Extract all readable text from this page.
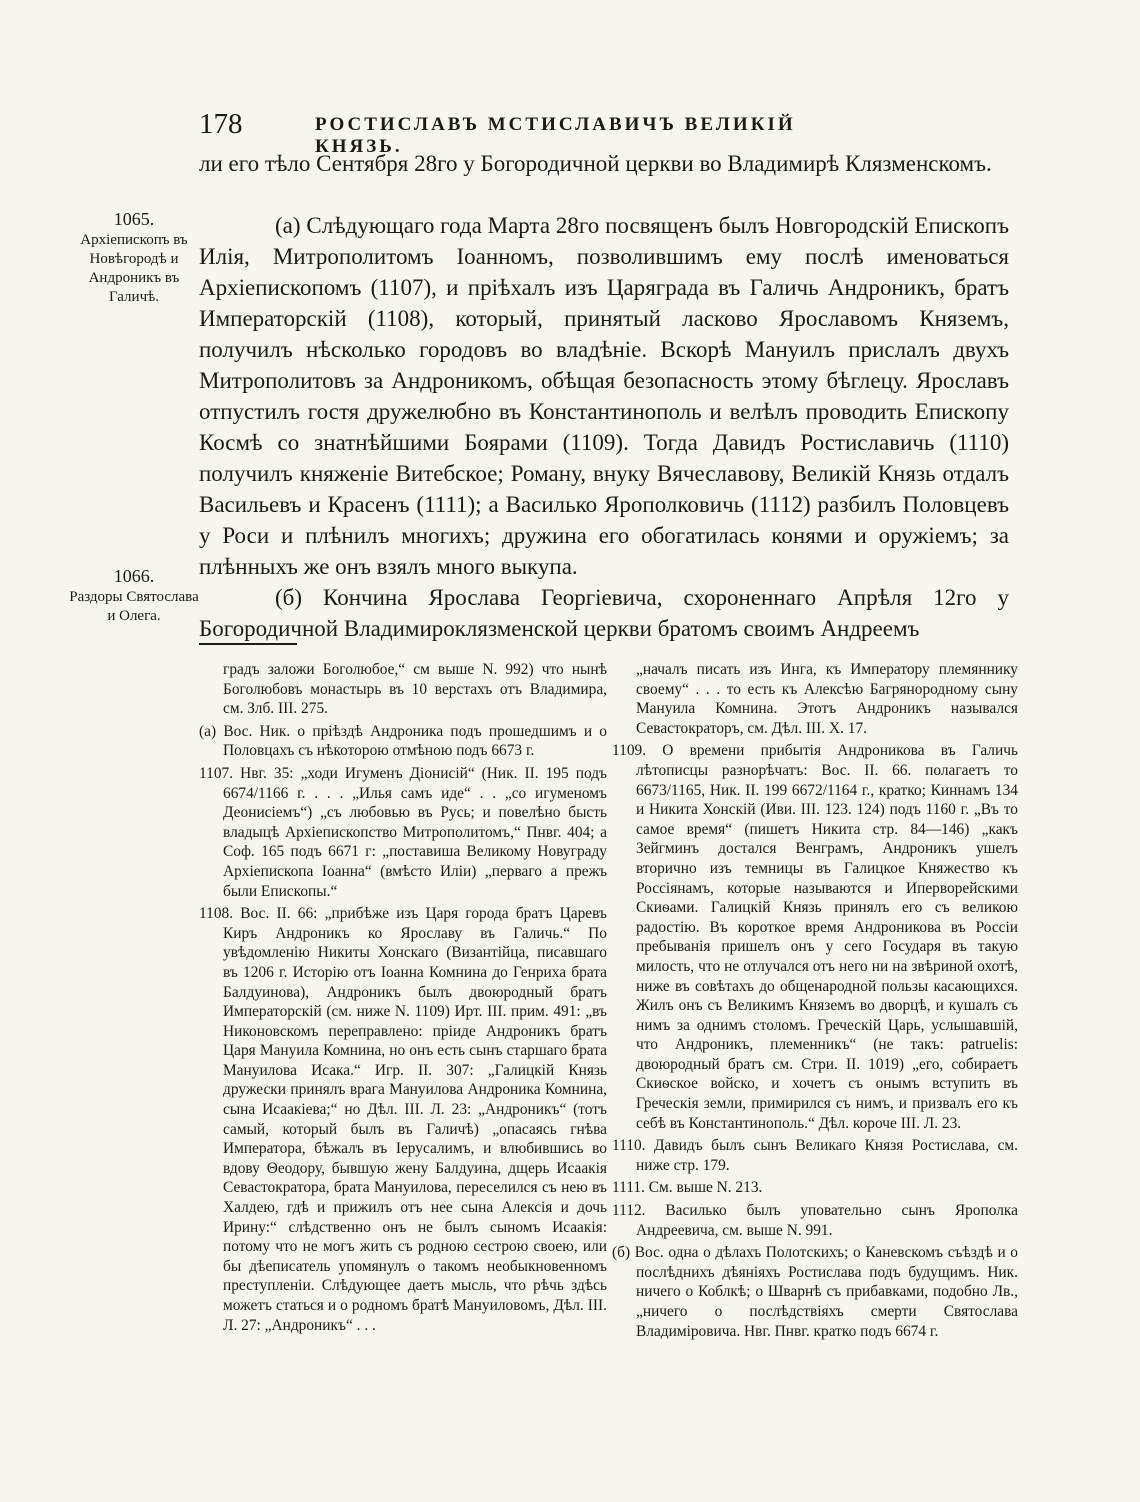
178	РОСТИСЛАВЪ МСТИСЛАВИЧЪ ВЕЛИКІЙ КНЯЗЬ.

ли его тѣло Сентября 28го у Богородичной церкви во Владимирѣ Клязменскомъ.

(а) Слѣдующаго года Марта 28го посвященъ былъ Новгородскій Епископъ Илія, Митрополитомъ Іоанномъ, позволившимъ ему послѣ именоваться Архіепископомъ (1107), и пріѣхалъ изъ Царяграда въ Галичь Андроникъ, братъ Императорскій (1108), который, принятый ласково Ярославомъ Княземъ, получилъ нѣсколько городовъ во владѣніе. Вскорѣ Мануилъ прислалъ двухъ Митрополитовъ за Андроникомъ, обѣщая безопасность этому бѣглецу. Ярославъ отпустилъ гостя дружелюбно въ Константинополь и велѣлъ проводить Епископу Космѣ со знатнѣйшими Боярами (1109). Тогда Давидъ Ростиславичь (1110) получилъ княженіе Витебское; Роману, внуку Вячеславову, Великій Князь отдалъ Васильевъ и Красенъ (1111); а Василько Ярополковичь (1112) разбилъ Половцевъ у Роси и плѣнилъ многихъ; дружина его обогатилась конями и оружіемъ; за плѣнныхъ же онъ взялъ много выкупа.

(б) Кончина Ярослава Георгіевича, схороненнаго Апрѣля 12го у Богородичной Владимироклязменской церкви братомъ своимъ Андреемъ

1065.
Архіепископъ въ Новѣгородѣ и Андроникъ въ Галичѣ.
1066.
Раздоры Святослава и Олега.

градъ заложи Боголюбое,“ см выше N. 992) что нынѣ Боголюбовъ монастырь въ 10 верстахъ отъ Владимира, см. Злб. III. 275.

(а) Вос. Ник. о пріѣздѣ Андроника подъ прошедшимъ и о Половцахъ съ нѣкоторою отмѣною подъ 6673 г.

1107. Нвг. 35: „ходи Игуменъ Діонисій“ (Ник. II. 195 подъ 6674/1166 г. . . . „Илья самъ иде“ . . „со игуменомъ Деонисіемъ“) „съ любовью въ Русь; и повелѣно бысть владыцѣ Архіепископство Митрополитомъ,“ Пнвг. 404; а Соф. 165 подъ 6671 г: „поставиша Великому Новуграду Архіепископа Іоанна“ (вмѣсто Иліи) „перваго а прежъ были Епископы.“

1108. Вос. II. 66: „прибѣже изъ Царя города братъ Царевъ Киръ Андроникъ ко Ярославу въ Галичь.“ По увѣдомленію Никиты Хонскаго (Византійца, писавшаго въ 1206 г. Исторію отъ Іоанна Комнина до Генриха брата Балдуинова), Андроникъ былъ двоюродный братъ Императорскій (см. ниже N. 1109) Ирт. III. прим. 491: „въ Никоновскомъ переправлено: прiиде Андроникъ братъ Царя Мануила Комнина, но онъ есть сынъ старшаго брата Мануилова Исака.“ Игр. II. 307: „Галицкій Князь дружески принялъ врага Мануилова Андроника Комнина, сына Исаакіева;“ но Дѣл. III. Л. 23: „Андроникъ“ (тотъ самый, который былъ въ Галичѣ) „опасаясь гнѣва Императора, бѣжалъ въ Іерусалимъ, и влюбившись во вдову Θеодору, бывшую жену Балдуина, дщерь Исаакія Севастократора, брата Мануилова, переселился съ нею въ Халдею, гдѣ и прижилъ отъ нее сына Алексія и дочь Ирину:“ слѣдственно онъ не былъ сыномъ Исаакія: потому что не могъ жить съ родною сестрою своею, или бы дѣеписатель упомянулъ о такомъ необыкновенномъ преступленіи. Слѣдующее даетъ мысль, что рѣчь здѣсь можетъ статься и о родномъ братѣ Мануиловомъ, Дѣл. III. Л. 27: „Андроникъ“ . . .

„началъ писать изъ Инга, къ Императору племяннику своему“ . . . то есть къ Алексѣю Багрянородному сыну Мануила Комнина. Этотъ Андроникъ назывался Севастократоръ, см. Дѣл. III. X. 17.

1109. О времени прибытія Андроникова въ Галичь лѣтописцы разнорѣчатъ: Вос. II. 66. полагаетъ то 6673/1165, Ник. II. 199 6672/1164 г., кратко; Киннамъ 134 и Никита Хонскій (Иви. III. 123. 124) подъ 1160 г. „Въ то самое время“ (пишетъ Никита стр. 84—146) „какъ Зейгминъ достался Венграмъ, Андроникъ ушелъ вторично изъ темницы въ Галицкое Княжество къ Россіянамъ, которые называются и Иперворейскими Скиѳами. Галицкій Князь принялъ его съ великою радостію. Въ короткое время Андроникова въ Россіи пребыванія пришелъ онъ у сего Государя въ такую милость, что не отлучался отъ него ни на звѣриной охотѣ, ниже въ совѣтахъ до общенародной пользы касающихся. Жилъ онъ съ Великимъ Княземъ во дворцѣ, и кушалъ съ нимъ за однимъ столомъ. Греческій Царь, услышавшій, что Андроникъ, племенникъ“ (не такъ: patruelis: двоюродный братъ см. Стри. II. 1019) „его, собираетъ Скиѳское войско, и хочетъ съ онымъ вступить въ Греческія земли, примирился съ нимъ, и призвалъ его къ себѣ въ Константинополь.“ Дѣл. короче III. Л. 23.

1110. Давидъ былъ сынъ Великаго Князя Ростислава, см. ниже стр. 179.

1111. См. выше N. 213.

1112. Василько былъ уповательно сынъ Ярополка Андреевича, см. выше N. 991.

(б) Вос. одна о дѣлахъ Полотскихъ; о Каневскомъ съѣздѣ и о послѣднихъ дѣяніяхъ Ростислава подъ будущимъ. Ник. ничего о Коблкѣ; о Шварнѣ съ прибавками, подобно Лв., „ничего о послѣдствіяхъ смерти Святослава Владиміровича. Нвг. Пнвг. кратко подъ 6674 г.
